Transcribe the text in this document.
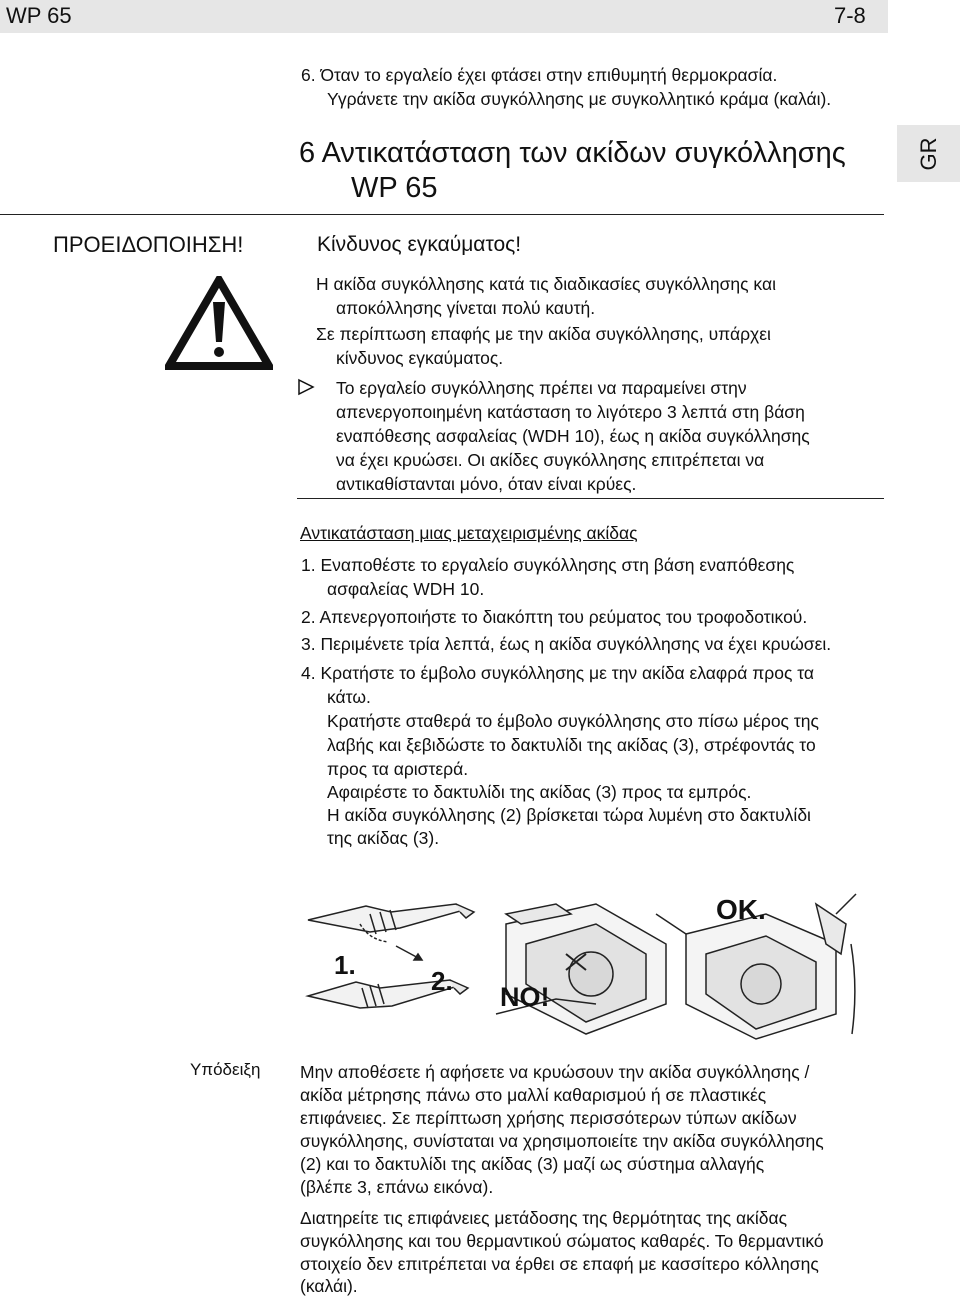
WP 65	7-8
GR
6. Όταν το εργαλείο έχει φτάσει στην επιθυμητή θερμοκρασία.
Υγράνετε την ακίδα συγκόλλησης με συγκολλητικό κράμα (καλάι).
6 Αντικατάσταση των ακίδων συγκόλλησης
WP 65
ΠΡΟΕΙΔΟΠΟΙΗΣΗ!	Κίνδυνος εγκαύματος!
Η ακίδα συγκόλλησης κατά τις διαδικασίες συγκόλλησης και
αποκόλλησης γίνεται πολύ καυτή.
Σε περίπτωση επαφής με την ακίδα συγκόλλησης, υπάρχει
κίνδυνος εγκαύματος.
Το εργαλείο συγκόλλησης πρέπει να παραμείνει στην
απενεργοποιημένη κατάσταση το λιγότερο 3 λεπτά στη βάση
εναπόθεσης ασφαλείας (WDH 10), έως η ακίδα συγκόλλησης
να έχει κρυώσει. Οι ακίδες συγκόλλησης επιτρέπεται να
αντικαθίστανται μόνο, όταν είναι κρύες.
Αντικατάσταση μιας μεταχειρισμένης ακίδας
1. Εναποθέστε το εργαλείο συγκόλλησης στη βάση εναπόθεσης
ασφαλείας WDH 10.
2. Απενεργοποιήστε το διακόπτη του ρεύματος του τροφοδοτικού.
3. Περιμένετε τρία λεπτά, έως η ακίδα συγκόλλησης να έχει κρυώσει.
4. Κρατήστε το έμβολο συγκόλλησης με την ακίδα ελαφρά προς τα
κάτω.
Κρατήστε σταθερά το έμβολο συγκόλλησης στο πίσω μέρος της
λαβής και ξεβιδώστε το δακτυλίδι της ακίδας (3), στρέφοντάς το
προς τα αριστερά.
Αφαιρέστε το δακτυλίδι της ακίδας (3) προς τα εμπρός.
Η ακίδα συγκόλλησης (2) βρίσκεται τώρα λυμένη στο δακτυλίδι
της ακίδας (3).
1.
2.
NO!
OK.
Υπόδειξη Μην αποθέσετε ή αφήσετε να κρυώσουν την ακίδα συγκόλλησης /
ακίδα μέτρησης πάνω στο μαλλί καθαρισμού ή σε πλαστικές
επιφάνειες. Σε περίπτωση χρήσης περισσότερων τύπων ακίδων
συγκόλλησης, συνίσταται να χρησιμοποιείτε την ακίδα συγκόλλησης
(2) και το δακτυλίδι της ακίδας (3) μαζί ως σύστημα αλλαγής
(βλέπε 3, επάνω εικόνα).
Διατηρείτε τις επιφάνειες μετάδοσης της θερμότητας της ακίδας
συγκόλλησης και του θερμαντικού σώματος καθαρές. Το θερμαντικό
στοιχείο δεν επιτρέπεται να έρθει σε επαφή με κασσίτερο κόλλησης
(καλάι).
